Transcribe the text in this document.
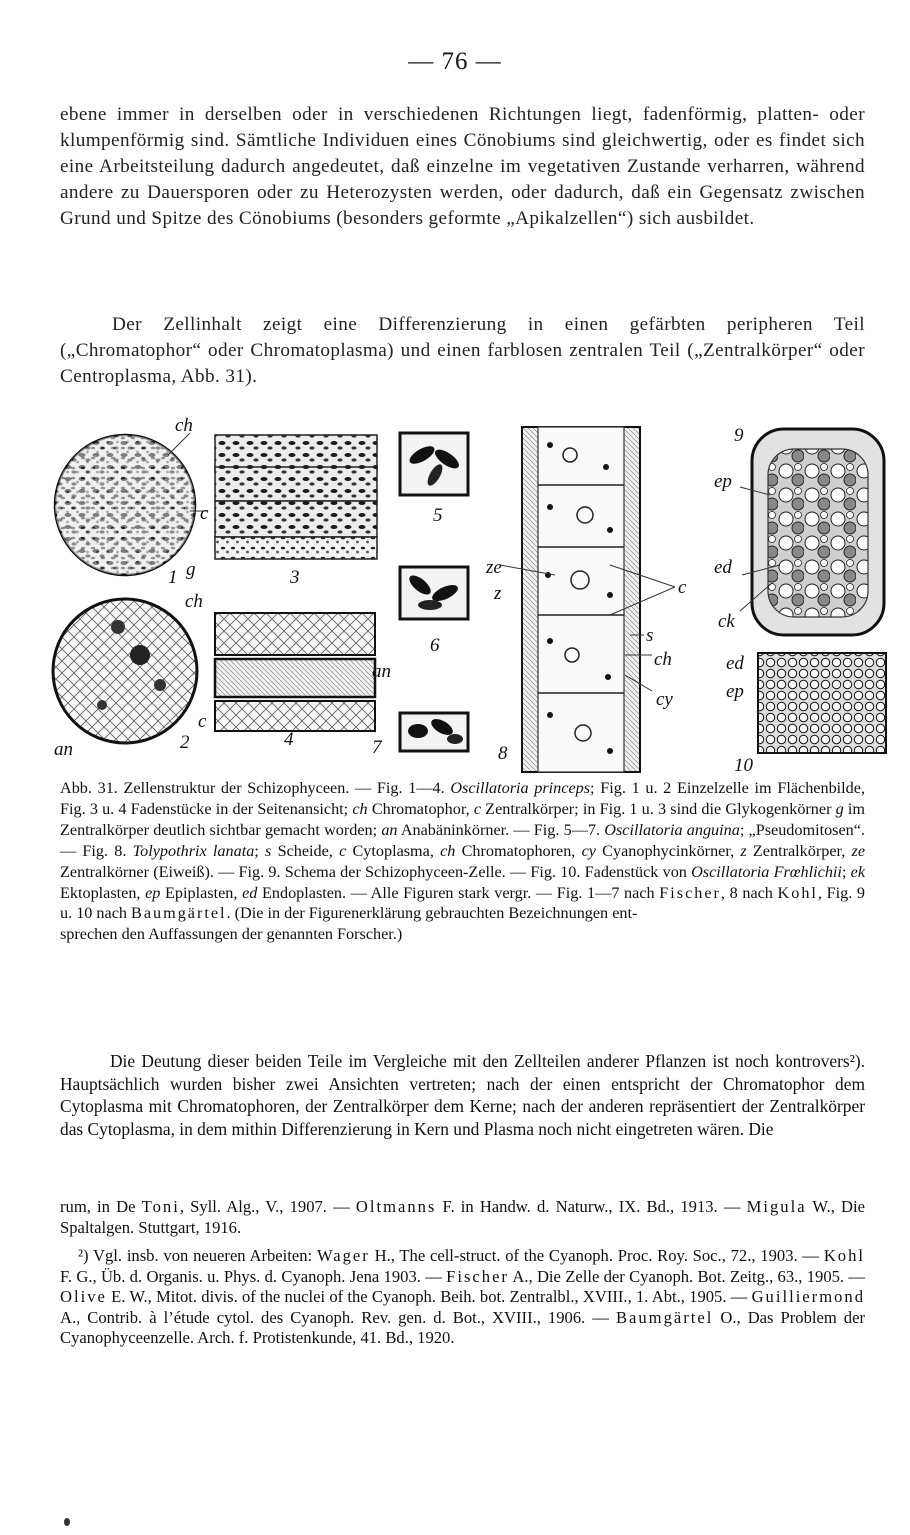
— 76 —

ebene immer in derselben oder in verschiedenen Richtungen liegt, fadenförmig, platten- oder klumpenförmig sind. Sämtliche Individuen eines Cönobiums sind gleichwertig, oder es findet sich eine Arbeitsteilung dadurch angedeutet, daß einzelne im vegetativen Zustande verharren, während andere zu Dauersporen oder zu Heterozysten werden, oder dadurch, daß ein Gegensatz zwischen Grund und Spitze des Cönobiums (besonders geformte „Apikalzellen“) sich ausbildet.

Der Zellinhalt zeigt eine Differenzierung in einen gefärbten peripheren Teil („Chromatophor“ oder Chromatoplasma) und einen farblosen zentralen Teil („Zentralkörper“ oder Centroplasma, Abb. 31).

ch
c
1 g	3
ch
c
2
an	4
an
5
6
7
ze
z
8
c
s
ch
cy
9
ep
ed
ck
ed
ep
10

Abb. 31. Zellenstruktur der Schizophyceen. — Fig. 1—4. Oscillatoria princeps; Fig. 1 u. 2 Einzelzelle im Flächenbilde, Fig. 3 u. 4 Fadenstücke in der Seitenansicht; ch Chromatophor, c Zentralkörper; in Fig. 1 u. 3 sind die Glykogenkörner g im Zentralkörper deutlich sichtbar gemacht worden; an Anabäninkörner. — Fig. 5—7. Oscillatoria anguina; „Pseudomitosen“. — Fig. 8. Tolypothrix lanata; s Scheide, c Cytoplasma, ch Chromatophoren, cy Cyanophycinkörner, z Zentralkörper, ze Zentralkörner (Eiweiß). — Fig. 9. Schema der Schizophyceen-Zelle. — Fig. 10. Fadenstück von Oscillatoria Frœhlichii; ek Ektoplasten, ep Epiplasten, ed Endoplasten. — Alle Figuren stark vergr. — Fig. 1—7 nach Fischer, 8 nach Kohl, Fig. 9 u. 10 nach Baumgärtel. (Die in der Figurenerklärung gebrauchten Bezeichnungen ent-
sprechen den Auffassungen der genannten Forscher.)

Die Deutung dieser beiden Teile im Vergleiche mit den Zellteilen anderer Pflanzen ist noch kontrovers²). Hauptsächlich wurden bisher zwei Ansichten vertreten; nach der einen entspricht der Chromatophor dem Cytoplasma mit Chromatophoren, der Zentralkörper dem Kerne; nach der anderen repräsentiert der Zentralkörper das Cytoplasma, in dem mithin Differenzierung in Kern und Plasma noch nicht eingetreten wären. Die

rum, in De Toni, Syll. Alg., V., 1907. — Oltmanns F. in Handw. d. Naturw., IX. Bd., 1913. — Migula W., Die Spaltalgen. Stuttgart, 1916.

²) Vgl. insb. von neueren Arbeiten: Wager H., The cell-struct. of the Cyanoph. Proc. Roy. Soc., 72., 1903. — Kohl F. G., Üb. d. Organis. u. Phys. d. Cyanoph. Jena 1903. — Fischer A., Die Zelle der Cyanoph. Bot. Zeitg., 63., 1905. — Olive E. W., Mitot. divis. of the nuclei of the Cyanoph. Beih. bot. Zentralbl., XVIII., 1. Abt., 1905. — Guilliermond A., Contrib. à l’étude cytol. des Cyanoph. Rev. gen. d. Bot., XVIII., 1906. — Baumgärtel O., Das Problem der Cyanophyceenzelle. Arch. f. Protistenkunde, 41. Bd., 1920.
